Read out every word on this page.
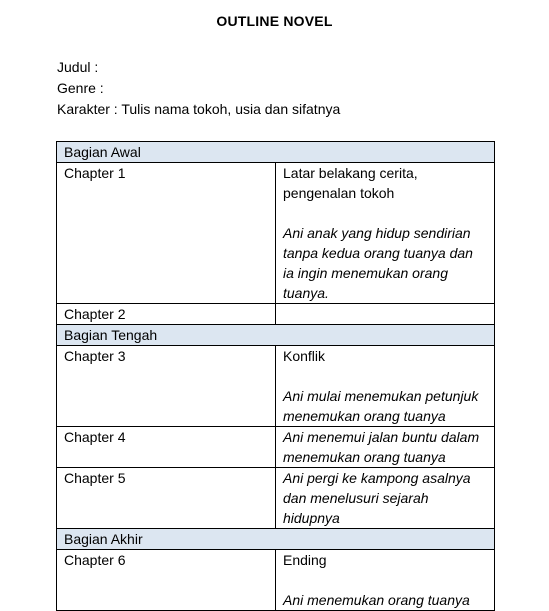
OUTLINE NOVEL
Judul :
Genre :
Karakter : Tulis nama tokoh, usia dan sifatnya
Bagian Awal	
Chapter 1	Latar belakang cerita, pengenalan tokoh
Ani anak yang hidup sendirian tanpa kedua orang tuanya dan ia ingin menemukan orang tuanya.

Chapter 2	
Bagian Tengah	
Chapter 3	Konflik
Ani mulai menemukan petunjuk menemukan orang tuanya

Chapter 4	Ani menemui jalan buntu dalam menemukan orang tuanya

Chapter 5	Ani pergi ke kampong asalnya dan menelusuri sejarah hidupnya

Bagian Akhir	
Chapter 6	Ending
Ani menemukan orang tuanya
